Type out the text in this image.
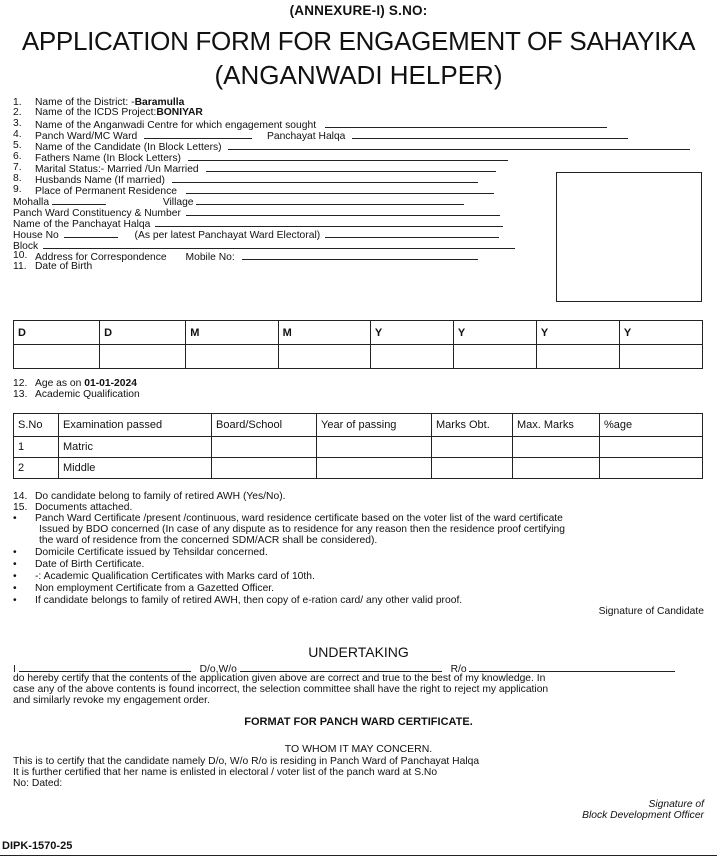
(ANNEXURE-I) S.NO:
APPLICATION FORM FOR ENGAGEMENT OF SAHAYIKA
(ANGANWADI HELPER)
1.	Name of the District: -Baramulla
2.	Name of the ICDS Project:BONIYAR
3.	Name of the Anganwadi Centre for which engagement sought
4.	Panch Ward/MC Ward	Panchayat Halqa
5.	Name of the Candidate (In Block Letters)
6.	Fathers Name (In Block Letters)
7.	Marital Status:- Married /Un Married
8.	Husbands Name (If married)
9.	Place of Permanent Residence
Mohalla	Village
Panch Ward Constituency & Number
Name of the Panchayat Halqa
House No	(As per latest Panchayat Ward Electoral)
Block
10. Address for Correspondence Mobile No:
11. Date of Birth
D	D	M	M	Y	Y	Y	Y

12. Age as on 01-01-2024
13. Academic Qualification
S.No	Examination passed	Board/School	Year of passing	Marks Obt.	Max. Marks	%age
1	Matric					
2	Middle					
14. Do candidate belong to family of retired AWH (Yes/No).
15. Documents attached.
•	Panch Ward Certificate /present /continuous, ward residence certificate based on the voter list of the ward certificate
Issued by BDO concerned (In case of any dispute as to residence for any reason then the residence proof certifying
the ward of residence from the concerned SDM/ACR shall be considered).
•	Domicile Certificate issued by Tehsildar concerned.
•	Date of Birth Certificate.
•	-: Academic Qualification Certificates with Marks card of 10th.
•	Non employment Certificate from a Gazetted Officer.
•	If candidate belongs to family of retired AWH, then copy of e-ration card/ any other valid proof.
Signature of Candidate
UNDERTAKING
I	D/o,W/o	R/o
do hereby certify that the contents of the application given above are correct and true to the best of my knowledge. In
case any of the above contents is found incorrect, the selection committee shall have the right to reject my application
and similarly revoke my engagement order.
FORMAT FOR PANCH WARD CERTIFICATE.
TO WHOM IT MAY CONCERN.
This is to certify that the candidate namely D/o, W/o R/o is residing in Panch Ward of Panchayat Halqa
It is further certified that her name is enlisted in electoral / voter list of the panch ward at S.No
No: Dated:
Signature of
Block Development Officer
DIPK-1570-25
